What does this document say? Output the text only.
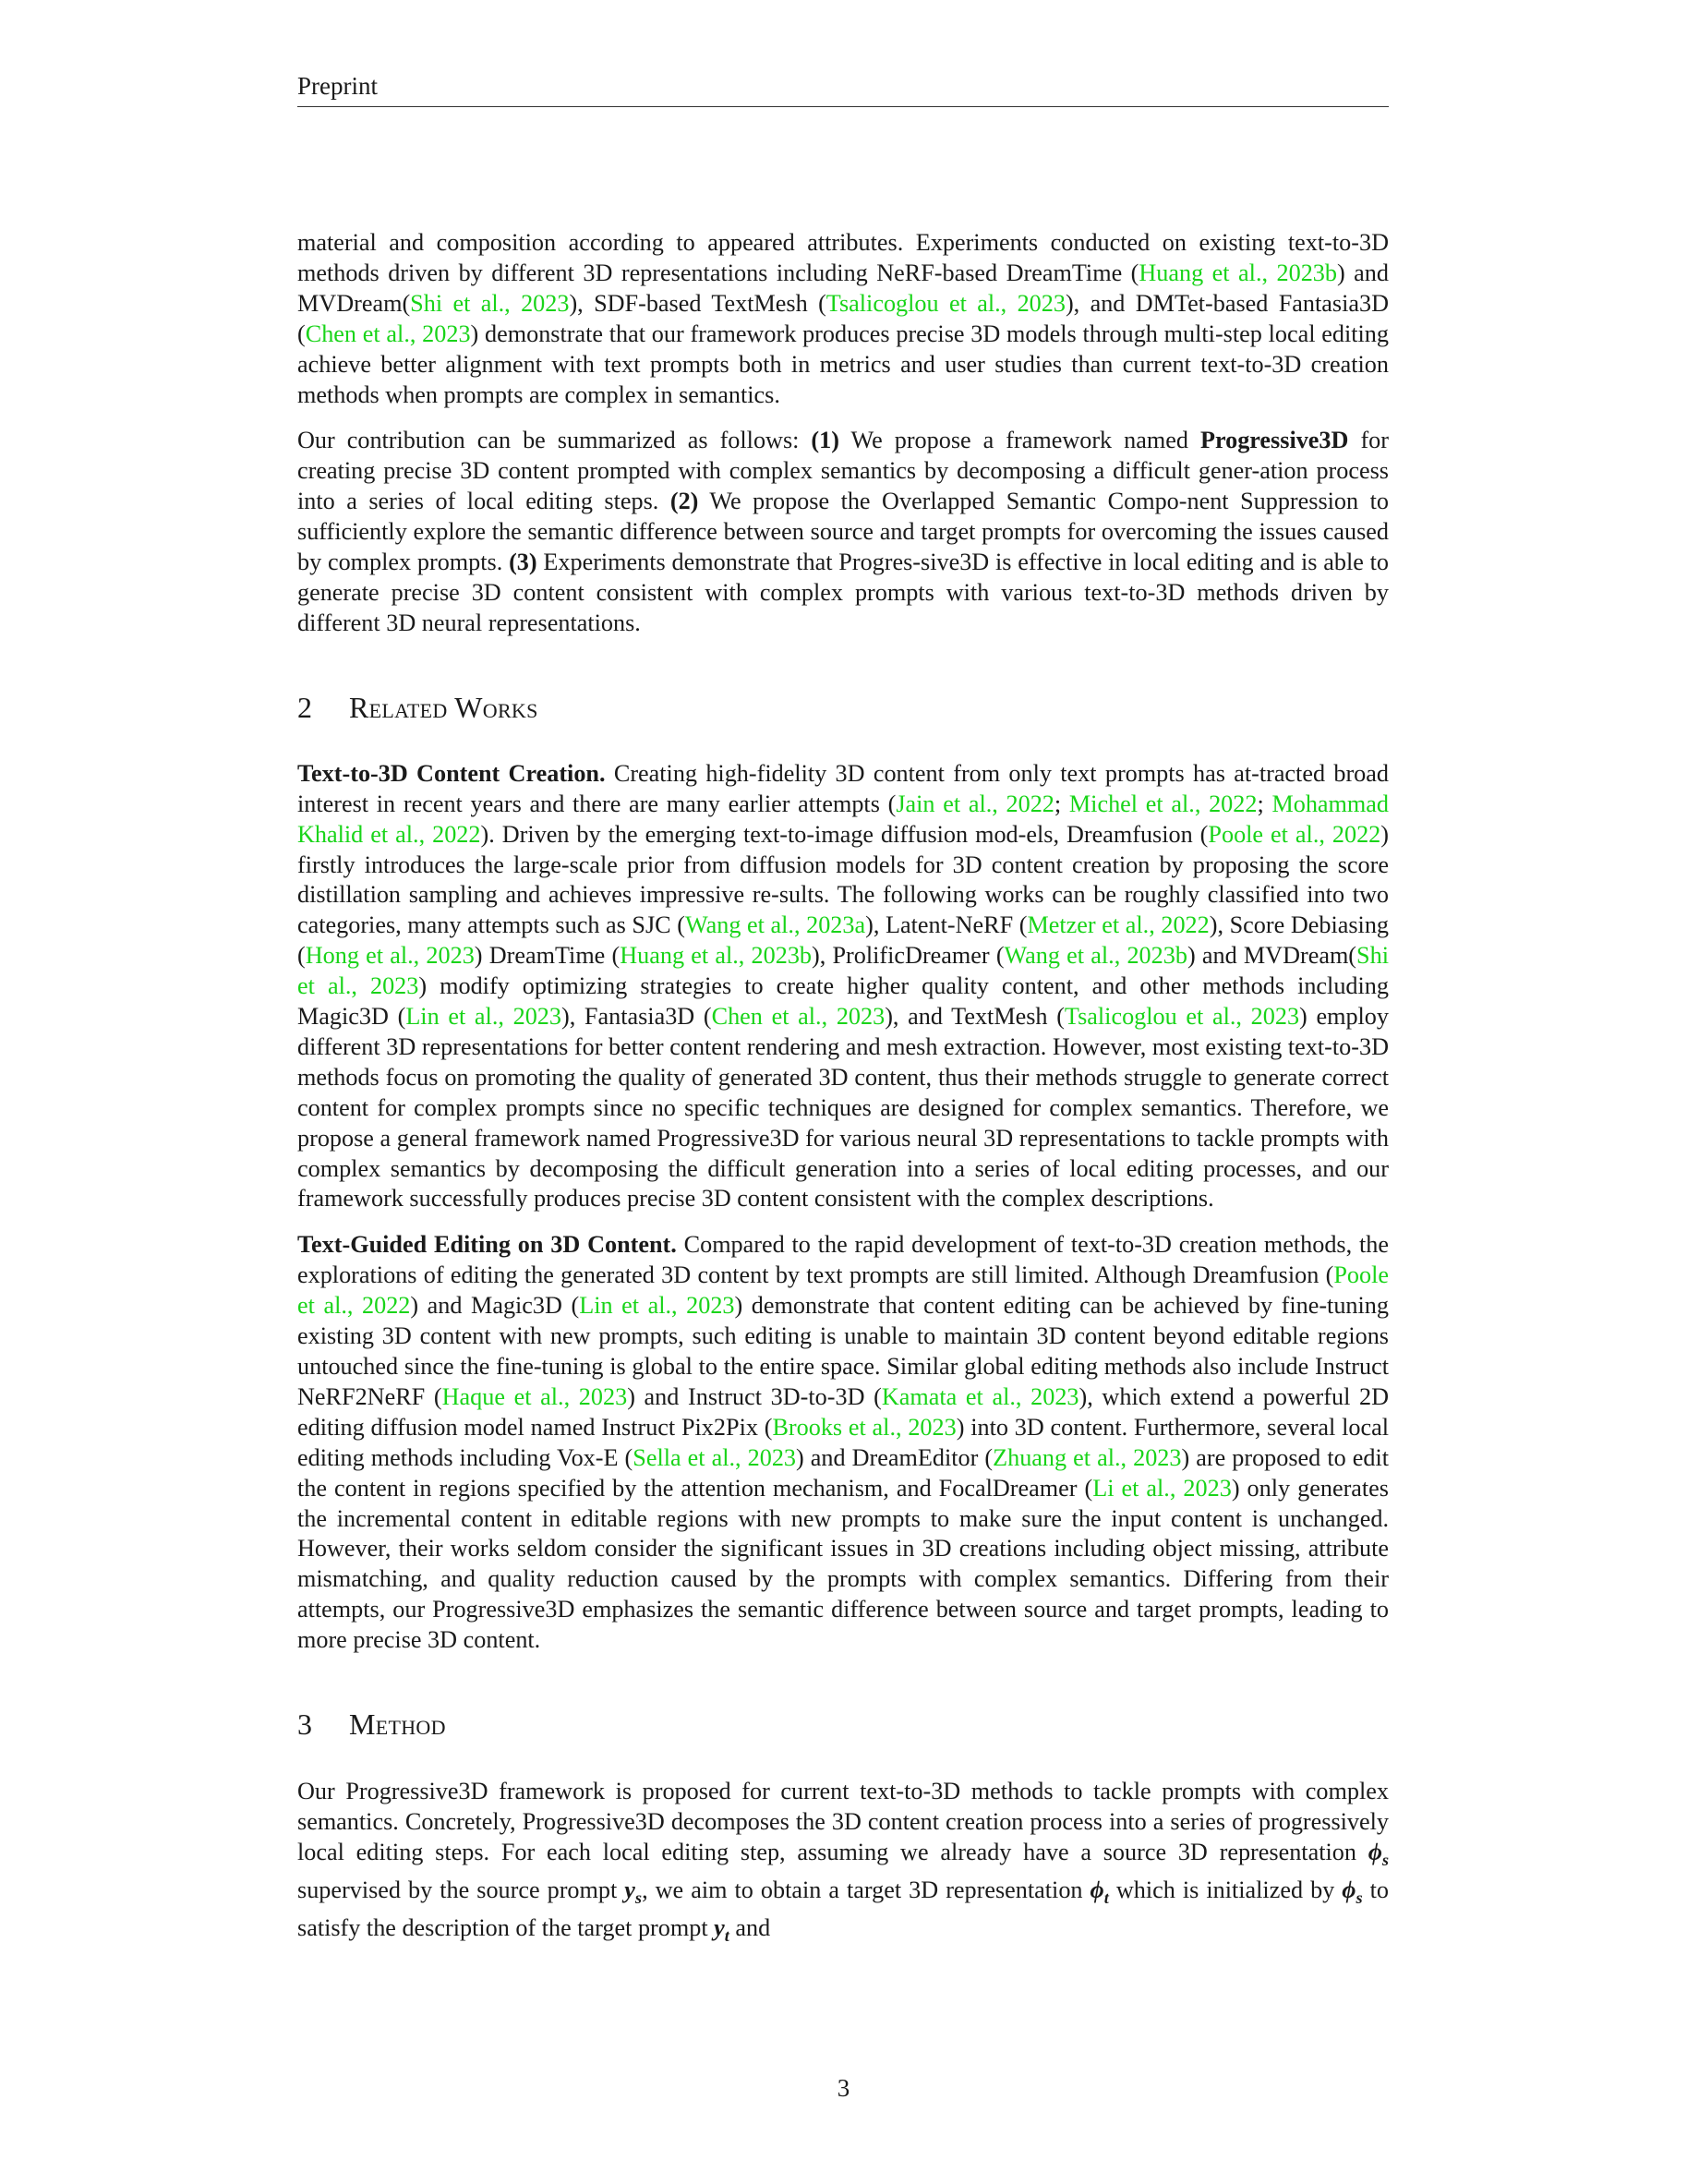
Preprint

material and composition according to appeared attributes. Experiments conducted on existing text-to-3D methods driven by different 3D representations including NeRF-based DreamTime (Huang et al., 2023b) and MVDream(Shi et al., 2023), SDF-based TextMesh (Tsalicoglou et al., 2023), and DMTet-based Fantasia3D (Chen et al., 2023) demonstrate that our framework produces precise 3D models through multi-step local editing achieve better alignment with text prompts both in metrics and user studies than current text-to-3D creation methods when prompts are complex in semantics.

Our contribution can be summarized as follows: (1) We propose a framework named Progressive3D for creating precise 3D content prompted with complex semantics by decomposing a difficult gener-ation process into a series of local editing steps. (2) We propose the Overlapped Semantic Compo-nent Suppression to sufficiently explore the semantic difference between source and target prompts for overcoming the issues caused by complex prompts. (3) Experiments demonstrate that Progres-sive3D is effective in local editing and is able to generate precise 3D content consistent with complex prompts with various text-to-3D methods driven by different 3D neural representations.

2 Related Works

Text-to-3D Content Creation. Creating high-fidelity 3D content from only text prompts has at-tracted broad interest in recent years and there are many earlier attempts (Jain et al., 2022; Michel et al., 2022; Mohammad Khalid et al., 2022). Driven by the emerging text-to-image diffusion mod-els, Dreamfusion (Poole et al., 2022) firstly introduces the large-scale prior from diffusion models for 3D content creation by proposing the score distillation sampling and achieves impressive re-sults. The following works can be roughly classified into two categories, many attempts such as SJC (Wang et al., 2023a), Latent-NeRF (Metzer et al., 2022), Score Debiasing (Hong et al., 2023) DreamTime (Huang et al., 2023b), ProlificDreamer (Wang et al., 2023b) and MVDream(Shi et al., 2023) modify optimizing strategies to create higher quality content, and other methods including Magic3D (Lin et al., 2023), Fantasia3D (Chen et al., 2023), and TextMesh (Tsalicoglou et al., 2023) employ different 3D representations for better content rendering and mesh extraction. However, most existing text-to-3D methods focus on promoting the quality of generated 3D content, thus their methods struggle to generate correct content for complex prompts since no specific techniques are designed for complex semantics. Therefore, we propose a general framework named Progressive3D for various neural 3D representations to tackle prompts with complex semantics by decomposing the difficult generation into a series of local editing processes, and our framework successfully produces precise 3D content consistent with the complex descriptions.

Text-Guided Editing on 3D Content. Compared to the rapid development of text-to-3D creation methods, the explorations of editing the generated 3D content by text prompts are still limited. Although Dreamfusion (Poole et al., 2022) and Magic3D (Lin et al., 2023) demonstrate that content editing can be achieved by fine-tuning existing 3D content with new prompts, such editing is unable to maintain 3D content beyond editable regions untouched since the fine-tuning is global to the entire space. Similar global editing methods also include Instruct NeRF2NeRF (Haque et al., 2023) and Instruct 3D-to-3D (Kamata et al., 2023), which extend a powerful 2D editing diffusion model named Instruct Pix2Pix (Brooks et al., 2023) into 3D content. Furthermore, several local editing methods including Vox-E (Sella et al., 2023) and DreamEditor (Zhuang et al., 2023) are proposed to edit the content in regions specified by the attention mechanism, and FocalDreamer (Li et al., 2023) only generates the incremental content in editable regions with new prompts to make sure the input content is unchanged. However, their works seldom consider the significant issues in 3D creations including object missing, attribute mismatching, and quality reduction caused by the prompts with complex semantics. Differing from their attempts, our Progressive3D emphasizes the semantic difference between source and target prompts, leading to more precise 3D content.

3 Method

Our Progressive3D framework is proposed for current text-to-3D methods to tackle prompts with complex semantics. Concretely, Progressive3D decomposes the 3D content creation process into a series of progressively local editing steps. For each local editing step, assuming we already have a source 3D representation $\phi_s$ supervised by the source prompt $y_s$, we aim to obtain a target 3D representation $\phi_t$ which is initialized by $\phi_s$ to satisfy the description of the target prompt $y_t$ and

3
